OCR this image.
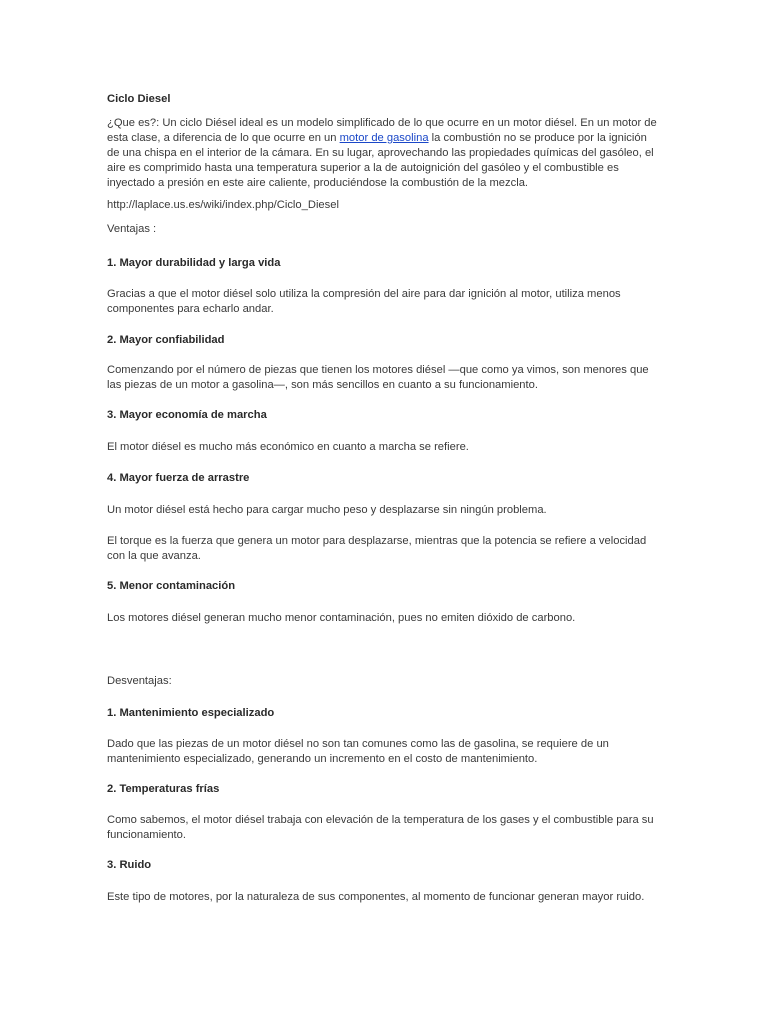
Ciclo Diesel

¿Que es?: Un ciclo Diésel ideal es un modelo simplificado de lo que ocurre en un motor diésel. En un motor de esta clase, a diferencia de lo que ocurre en un motor de gasolina la combustión no se produce por la ignición de una chispa en el interior de la cámara. En su lugar, aprovechando las propiedades químicas del gasóleo, el aire es comprimido hasta una temperatura superior a la de autoignición del gasóleo y el combustible es inyectado a presión en este aire caliente, produciéndose la combustión de la mezcla.

http://laplace.us.es/wiki/index.php/Ciclo_Diesel

Ventajas :

1. Mayor durabilidad y larga vida

Gracias a que el motor diésel solo utiliza la compresión del aire para dar ignición al motor, utiliza menos componentes para echarlo andar.

2. Mayor confiabilidad

Comenzando por el número de piezas que tienen los motores diésel —que como ya vimos, son menores que las piezas de un motor a gasolina—, son más sencillos en cuanto a su funcionamiento.

3. Mayor economía de marcha

El motor diésel es mucho más económico en cuanto a marcha se refiere.

4. Mayor fuerza de arrastre

Un motor diésel está hecho para cargar mucho peso y desplazarse sin ningún problema.

El torque es la fuerza que genera un motor para desplazarse, mientras que la potencia se refiere a velocidad con la que avanza.

5. Menor contaminación

Los motores diésel generan mucho menor contaminación, pues no emiten dióxido de carbono.

Desventajas:

1. Mantenimiento especializado

Dado que las piezas de un motor diésel no son tan comunes como las de gasolina, se requiere de un mantenimiento especializado, generando un incremento en el costo de mantenimiento.

2. Temperaturas frías

Como sabemos, el motor diésel trabaja con elevación de la temperatura de los gases y el combustible para su funcionamiento.

3. Ruido

Este tipo de motores, por la naturaleza de sus componentes, al momento de funcionar generan mayor ruido.
